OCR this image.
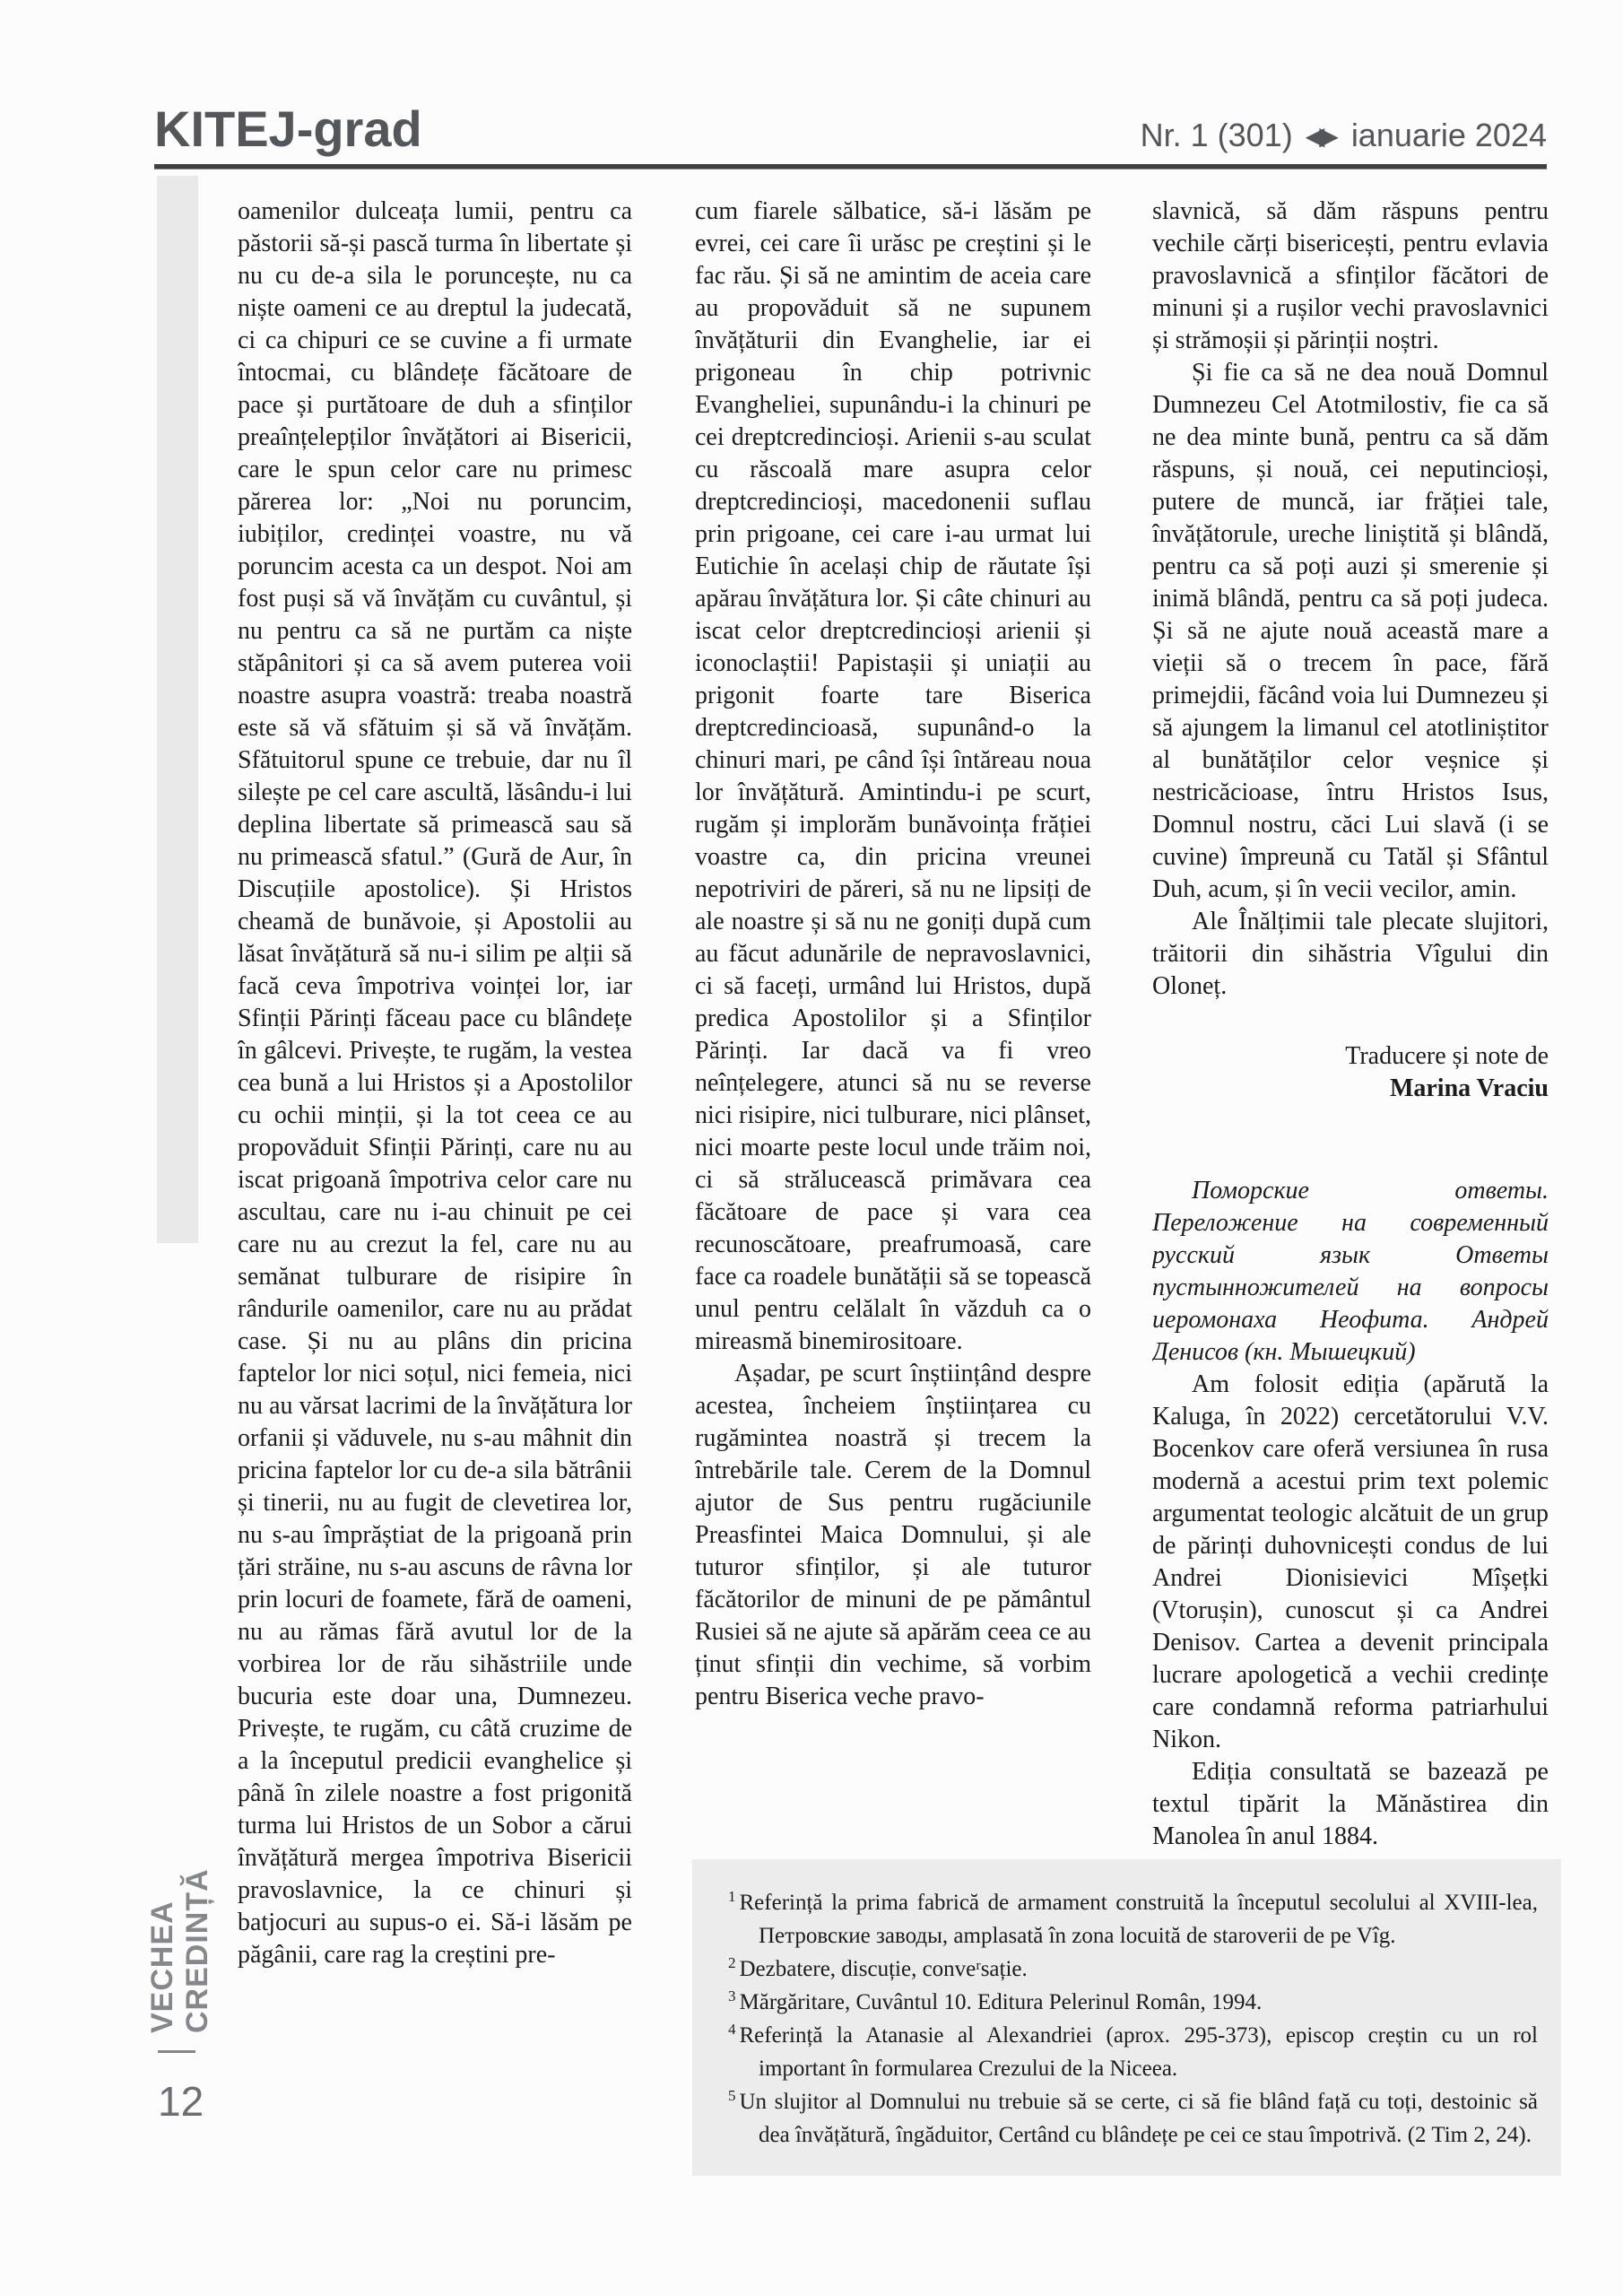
KITEJ-grad	Nr. 1 (301) ◀▶ ianuarie 2024
VECHEA CREDINȚĂ
12

oamenilor dulceața lumii, pentru ca păstorii să-și pască turma în libertate și nu cu de-a sila le poruncește, nu ca niște oameni ce au dreptul la judecată, ci ca chipuri ce se cuvine a fi urmate întocmai, cu blândețe făcătoare de pace și purtătoare de duh a sfinților preaînțelepților învățători ai Bisericii, care le spun celor care nu primesc părerea lor: „Noi nu poruncim, iubiților, credinței voastre, nu vă poruncim acesta ca un despot. Noi am fost puși să vă învățăm cu cuvântul, și nu pentru ca să ne purtăm ca niște stăpânitori și ca să avem puterea voii noastre asupra voastră: treaba noastră este să vă sfătuim și să vă învățăm. Sfătuitorul spune ce trebuie, dar nu îl silește pe cel care ascultă, lăsându-i lui deplina libertate să primească sau să nu primească sfatul.” (Gură de Aur, în Discuțiile apostolice). Și Hristos cheamă de bunăvoie, și Apostolii au lăsat învățătură să nu-i silim pe alții să facă ceva împotriva voinței lor, iar Sfinții Părinți făceau pace cu blândețe în gâlcevi. Privește, te rugăm, la vestea cea bună a lui Hristos și a Apostolilor cu ochii minții, și la tot ceea ce au propovăduit Sfinții Părinți, care nu au iscat prigoană împotriva celor care nu ascultau, care nu i-au chinuit pe cei care nu au crezut la fel, care nu au semănat tulburare de risipire în rândurile oamenilor, care nu au prădat case. Și nu au plâns din pricina faptelor lor nici soțul, nici femeia, nici nu au vărsat lacrimi de la învățătura lor orfanii și văduvele, nu s-au mâhnit din pricina faptelor lor cu de-a sila bătrânii și tinerii, nu au fugit de clevetirea lor, nu s-au împrăștiat de la prigoană prin țări străine, nu s-au ascuns de râvna lor prin locuri de foamete, fără de oameni, nu au rămas fără avutul lor de la vorbirea lor de rău sihăstriile unde bucuria este doar una, Dumnezeu. Privește, te rugăm, cu câtă cruzime de a la începutul predicii evanghelice și până în zilele noastre a fost prigonită turma lui Hristos de un Sobor a cărui învățătură mergea împotriva Bisericii pravoslavnice, la ce chinuri și batjocuri au supus-o ei. Să-i lăsăm pe păgânii, care rag la creștini pre-

cum fiarele sălbatice, să-i lăsăm pe evrei, cei care îi urăsc pe creștini și le fac rău. Și să ne amintim de aceia care au propovăduit să ne supunem învățăturii din Evanghelie, iar ei prigoneau în chip potrivnic Evangheliei, supunându-i la chinuri pe cei dreptcredincioși. Arienii s-au sculat cu răscoală mare asupra celor dreptcredincioși, macedonenii suflau prin prigoane, cei care i-au urmat lui Eutichie în același chip de răutate își apărau învățătura lor. Și câte chinuri au iscat celor dreptcredincioși arienii și iconoclaștii! Papistașii și uniații au prigonit foarte tare Biserica dreptcredincioasă, supunând-o la chinuri mari, pe când își întăreau noua lor învățătură. Amintindu-i pe scurt, rugăm și implorăm bunăvoința frăției voastre ca, din pricina vreunei nepotriviri de păreri, să nu ne lipsiți de ale noastre și să nu ne goniți după cum au făcut adunările de nepravoslavnici, ci să faceți, urmând lui Hristos, după predica Apostolilor și a Sfinților Părinți. Iar dacă va fi vreo neînțelegere, atunci să nu se reverse nici risipire, nici tulburare, nici plânset, nici moarte peste locul unde trăim noi, ci să strălucească primăvara cea făcătoare de pace și vara cea recunoscătoare, preafrumoasă, care face ca roadele bunătății să se topească unul pentru celălalt în văzduh ca o mireasmă binemirositoare.

Așadar, pe scurt înștiințând despre acestea, încheiem înștiințarea cu rugămintea noastră și trecem la întrebările tale. Cerem de la Domnul ajutor de Sus pentru rugăciunile Preasfintei Maica Domnului, și ale tuturor sfinților, și ale tuturor făcătorilor de minuni de pe pământul Rusiei să ne ajute să apărăm ceea ce au ținut sfinții din vechime, să vorbim pentru Biserica veche pravo-

slavnică, să dăm răspuns pentru vechile cărți bisericești, pentru evlavia pravoslavnică a sfinților făcători de minuni și a rușilor vechi pravoslavnici și strămoșii și părinții noștri.

Și fie ca să ne dea nouă Domnul Dumnezeu Cel Atotmilostiv, fie ca să ne dea minte bună, pentru ca să dăm răspuns, și nouă, cei neputincioși, putere de muncă, iar frăției tale, învățătorule, ureche liniștită și blândă, pentru ca să poți auzi și smerenie și inimă blândă, pentru ca să poți judeca. Și să ne ajute nouă această mare a vieții să o trecem în pace, fără primejdii, făcând voia lui Dumnezeu și să ajungem la limanul cel atotliniștitor al bunătăților celor veșnice și nestricăcioase, întru Hristos Isus, Domnul nostru, căci Lui slavă (i se cuvine) împreună cu Tatăl și Sfântul Duh, acum, și în vecii vecilor, amin.

Ale Înălțimii tale plecate slujitori, trăitorii din sihăstria Vîgului din Oloneț.

Traducere și note de

Marina Vraciu

Поморские ответы. Переложение на современный русский язык Ответы пустынножителей на вопросы иеромонаха Неофита. Андрей Денисов (кн. Мышецкий)

Am folosit ediția (apărută la Kaluga, în 2022) cercetătorului V.V. Bocenkov care oferă versiunea în rusa modernă a acestui prim text polemic argumentat teologic alcătuit de un grup de părinți duhovnicești condus de lui Andrei Dionisievici Mîșețki (Vtorușin), cunoscut și ca Andrei Denisov. Cartea a devenit principala lucrare apologetică a vechii credințe care condamnă reforma patriarhului Nikon.

Ediția consultată se bazează pe textul tipărit la Mănăstirea din Manolea în anul 1884.

$^1$ Referință la prima fabrică de armament construită la începutul secolului al XVIII-lea, Петровские заводы, amplasată în zona locuită de staroverii de pe Vîg.

$^2$ Dezbatere, discuție, conveʳsație.

$^3$ Mărgăritare, Cuvântul 10. Editura Pelerinul Român, 1994.

$^4$ Referință la Atanasie al Alexandriei (aprox. 295-373), episcop creștin cu un rol important în formularea Crezului de la Niceea.

$^5$ Un slujitor al Domnului nu trebuie să se certe, ci să fie blând față cu toți, destoinic să dea învățătură, îngăduitor, Certând cu blândețe pe cei ce stau împotrivă. (2 Tim 2, 24).
